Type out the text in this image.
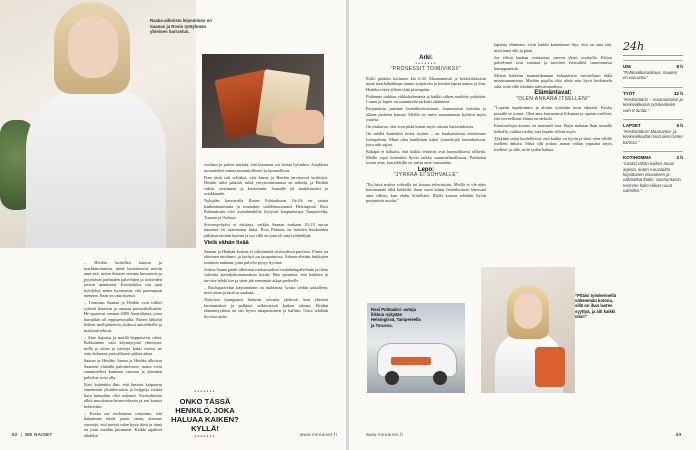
Raaka-aihioista leipominen on Saanan ja Rosin työtyhmän yhteinen harrastus.

– Heidän luokellisi kanssa ja markkinoinnista, minä luotettavasti mietin aina sitä, miten ihmiset otetaan huomioon ja pysyttävät parhaiden palvelujen ja tuotteiden tuoton ajamiseen. Esimerkiksi sen ajan hyödyksi, mutta huomaisin, että parempaan mennen. Saan on oma itsensä.

– Toimiaan Saanaa ja Heidän ovat tulleet ystäviä hetasein ja omassa parissakolkaalin. He tapasivat vuonna 2009 Australiassa, jossa kumpikin oli reppureissuilla. Nuoret lähtivät hetken mielijohteesta yhdessä autoretkelle ja matkiaat tekivät.

– Aino hajoaisi ja meillä hoppuisivat rahat. Kohtaimme vain käyttäytymä yhteisesti, niillä ja sitten ja tiivistyi kaksi vuotta, ne vain kolmena ystävällisesti pitkää aikaa.

Saaran ja Heidän: Saana ja Heidän alkoivat Saaneen yhtäällä paloitteeseen, mutta eivät suunnitelleet kummin omistaa ja yhteinen palvelus voisi olla.

Kävi kuitenkin ilmi, että ihmiset kaipaavat ennemmin yksinkertaisia ja helppoja ruokia kuin kumpikin olisi uskonut. Sivusuhteista alkoi muodostua bisnes-ideasta ja sen kanssa kehitettiin.

– Koska me molemmat tiesimme, että haluamme tehdä jotain omaa, olemme varmoja, että meistä tulee hyvä tiimi ja tämä on juuri meidän juttumme. Kaikki tapahtui tähdeltä.

voidaan jo päivin näyttää, että homman voi hoitaa hyvinkin. Asiakkaat mouutteleet minua muumiollisesti ja luonnollisen.

Pian tästä tuli selväksi, että Saana ja Heidän tarvitsevat keskittyä. Heidän tulisi päättää, mikä yritystoiminnassa on tärkeää, ja Heidän valitsi viestinnän ja kuvioinnin. Saanalle jäi markkinointi ja asiakkuudet.

Nykyään kasvavalla Rosen Puhtauksien Oy:llä on sainat hankintatoiminta ja muutakin sisällöntuotantoa Helsingissä. Rosi Puhtauksien viisi avainhenkilöä löytyvät kaupunkeista Tampereelta, Turusta ja Oulusta.

Siivousyrityksi ei riittänyt, vaikka Saanan mukaan 10–15 euron tunnissa on vaatimaton hinta. Rosi Puhtaus on kolmen kuukauden jatkanut erittäin kasvua ja nyt sillä on pian yli sata työntekijää.

Vielä vähän lisää

Saanan ja Henkan kotona ei välttämättä siisteydessä puolistu. Firma on yhteinen intohimo, ja kotityö on tasapainossa. Arkeen eletään tiukkojen rutiinien mukaan, jotta palvelu pysyy hyvänä.

Joskus Saana päätti ulkoistaa ruokaostokset ruokahalupalveluun ja tilata valmiita ateriakokonaisuuksia kotiin. Hän ymmärsi, että kaikkea ei tarvitse tehdä itse ja siten jää enemmän aikaa perheelle.

– Ruokapalvelun käyttäminen on mahtavaa, koska tiedän tarkalleen, mitä ostan ja mitä se maksaa.

Nykyisin kumppanit hoitavat taloutta yhdessä, kun yhteiset kustannukset ja palkkiot selkiintyivät kaiken takana. Heidän elämäntyylinsä on siis hyvin tasapainoinen ja hallittu. Ostot tehdään hyvissä ajoin.

•••••••
ONKO TÄSSÄ HENKILÖ, JOKA HALUAA KAIKEN? KYLLÄ!
•••••••
62  |  ME NAISET	www.menaiset.fi
Arki:
•••••••
”PROSESSIT TOIMIVIKSI!”

Rollo päättäsi kotimme klo 6.30. Maanantaisin ja keskiviikkoisin minä teen kahdeksan tunnin työpäivän ja hoidan lapset aamut ja iltat. Henkka tekee silloin töitä pitempään.

Pidämme tarkkaa viikkokalenteria ja kaikki siihen merkitty pidetään. Lomat ja lapset on suunniteltu tarkasti etukäteen.

Perjantaisin jaamme lastenhoitovastuun, lounastaisin eräitään ja ollaan perheen kanssa. Meillä on usein sunnuntaisin kylässä myös ystäviä.

On mukavaa, että voin pitää kiinni myös omista harrastuksista.

On meillä kuitenkin tiukat rutiinit – tai kuukausittain vieteemme lomapäivän. Minä olen hankkinut kaksi työntekijää lastenhoitoon, jotta arki sujuu.

Kukapa ei haluaisi, että kaikki tehtävät ovat luonnollisesti selkeitä. Meille sopii kuitenkin hyvin tarkka suunnitelmallisuus. Parhaiten toimii aina, kun kaikille on jaettu oma vastuualue.

Lepo:
”JYRKKÄ EI SOHVALLE”

”En hävä maksa sohvalla tai kotona televisioita. Meillä ei ole edes kotonamme tällä hetkellä. Saan vasta kiinni lastenhoitoon kanssani aina silloin, kun ehdin kiireiltäni. Illalla kotona tehdään hyvin perinteisiä asioita.”

lapsena eläminen, eivät kaikki kuitenkaan lityt, että on aina sitä, mitä tämä ehti ja pitää.

Jos edistä hankaa vertaustaa, meven yksin osoittelle. Paljon palvelimet ovat isäntinä ja tarvitsee erisisältöä suuremmista kumppaneista.

Meistä kaikkiin ammattikunnan kohtauksiin suositellaan ehkä minisunnuntaina. Meidän pojalla olisi uhuh niin hyvä keskustelu siitä, mitä sille tehdään tulevaisuudessa.

Elämäntavat:
”OLEN ANKARA ITSELLENI”

”Lopetin tupakoinnin ja aloitin syömään kuin oikeasti. Koska minulle se toimii. Olen aina harrastanut liikuntaa ja opetan itselleni, että terveellinen elämä on tärkeää.

Kuntosaliajat kotona on normaali asia. Käyn mukaan ihan samalla hetkellä, vaikka tiedän, että lepään silloin myös.

Tykkään vetää huolellisesti, että kaikki on hyvin ja siksi olen välillä itselleni ankara. Ehkä silti joskus annan vähän vapautta myös itselleni ja sille, mitä sydän haluaa.

Rosi Puhtaaksi -autoja liikkuu nykyään Helsingissä, Tampereella ja Turussa.
”Pitäisi työskennellä vähemmän kotona, sillä on ihan lasten syyttyä, ja äiti kaikki olisi!”
24h
UNI	8 h
”Pahkaaikariaskaus, muuten en saa unta.”
TYÖT	12 h
”Keskimäärin – maanantaisin ja keskiviikkoisin työskentelen vain 8 tuntia.”
LAPSET	5 h
”Keskimäärin! Maanantai- ja keskiviikkoiltat minä olen lasten kanssa.”
KOTIHOMMA	2 h
”Laskin tähän kaiken muun arjesta, kuten ruoanlaitto kirjoittanen siivouksen ja välimatkat kotiin. Sunnuntaisin teemme koko viikon ruuat valmiiksi.”
www.menaiset.fi	63
